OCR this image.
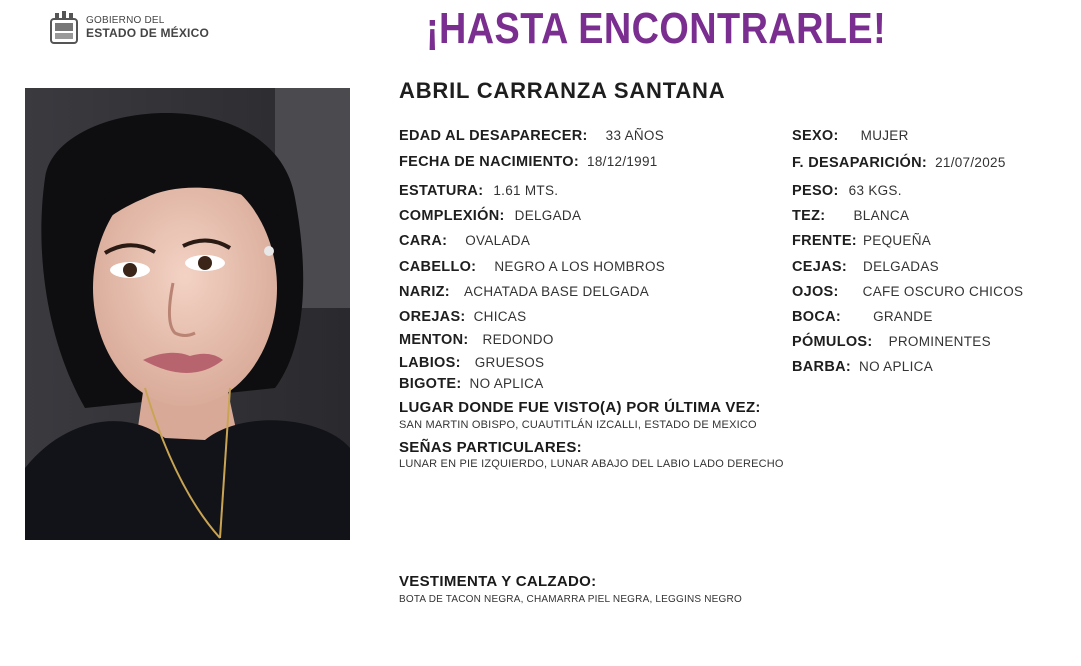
GOBIERNO DEL
ESTADO DE MÉXICO	¡HASTA ENCONTRARLE!
ABRIL CARRANZA SANTANA
EDAD AL DESAPARECER: 33 AÑOS
FECHA DE NACIMIENTO: 18/12/1991
ESTATURA: 1.61 MTS.
COMPLEXIÓN: DELGADA
CARA: OVALADA
CABELLO: NEGRO A LOS HOMBROS
NARIZ: ACHATADA BASE DELGADA
OREJAS: CHICAS
MENTON: REDONDO
LABIOS: GRUESOS
BIGOTE: NO APLICA
SEXO: MUJER
F. DESAPARICIÓN: 21/07/2025
PESO: 63 KGS.
TEZ: BLANCA
FRENTE: PEQUEÑA
CEJAS: DELGADAS
OJOS: CAFE OSCURO CHICOS
BOCA: GRANDE
PÓMULOS: PROMINENTES
BARBA: NO APLICA
LUGAR DONDE FUE VISTO(A) POR ÚLTIMA VEZ:
SAN MARTIN OBISPO, CUAUTITLÁN IZCALLI, ESTADO DE MEXICO
SEÑAS PARTICULARES:
LUNAR EN PIE IZQUIERDO, LUNAR ABAJO DEL LABIO LADO DERECHO
VESTIMENTA Y CALZADO:
BOTA DE TACON NEGRA, CHAMARRA PIEL NEGRA, LEGGINS NEGRO
